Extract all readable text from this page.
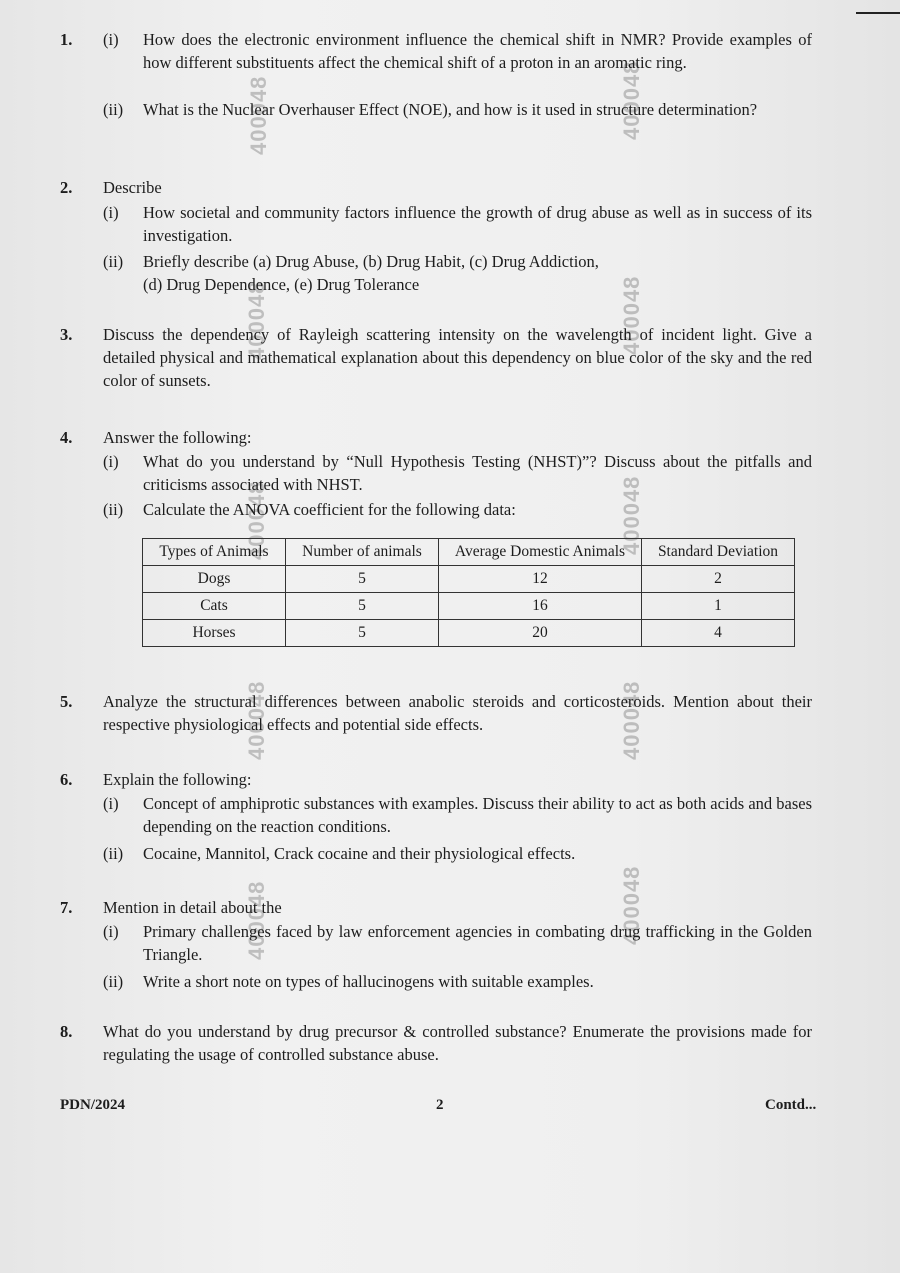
400048	400048
400048	400048
400048	400048
400048	400048
400048	400048
1. (i) How does the electronic environment influence the chemical shift in NMR? Provide examples of how different substituents affect the chemical shift of a proton in an aromatic ring.
(ii) What is the Nuclear Overhauser Effect (NOE), and how is it used in structure determination?
2. Describe
(i) How societal and community factors influence the growth of drug abuse as well as in success of its investigation.
(ii) Briefly describe (a) Drug Abuse, (b) Drug Habit, (c) Drug Addiction,
(d) Drug Dependence, (e) Drug Tolerance
3. Discuss the dependency of Rayleigh scattering intensity on the wavelength of incident light. Give a detailed physical and mathematical explanation about this dependency on blue color of the sky and the red color of sunsets.
4. Answer the following:
(i) What do you understand by “Null Hypothesis Testing (NHST)”? Discuss about the pitfalls and criticisms associated with NHST.
(ii) Calculate the ANOVA coefficient for the following data:
Types of Animals	Number of animals	Average Domestic Animals	Standard Deviation
Dogs	5	12	2
Cats	5	16	1
Horses	5	20	4
5. Analyze the structural differences between anabolic steroids and corticosteroids. Mention about their respective physiological effects and potential side effects.
6. Explain the following:
(i) Concept of amphiprotic substances with examples. Discuss their ability to act as both acids and bases depending on the reaction conditions.
(ii) Cocaine, Mannitol, Crack cocaine and their physiological effects.
7. Mention in detail about the
(i) Primary challenges faced by law enforcement agencies in combating drug trafficking in the Golden Triangle.
(ii) Write a short note on types of hallucinogens with suitable examples.
8. What do you understand by drug precursor & controlled substance? Enumerate the provisions made for regulating the usage of controlled substance abuse.
PDN/2024	2	Contd...
